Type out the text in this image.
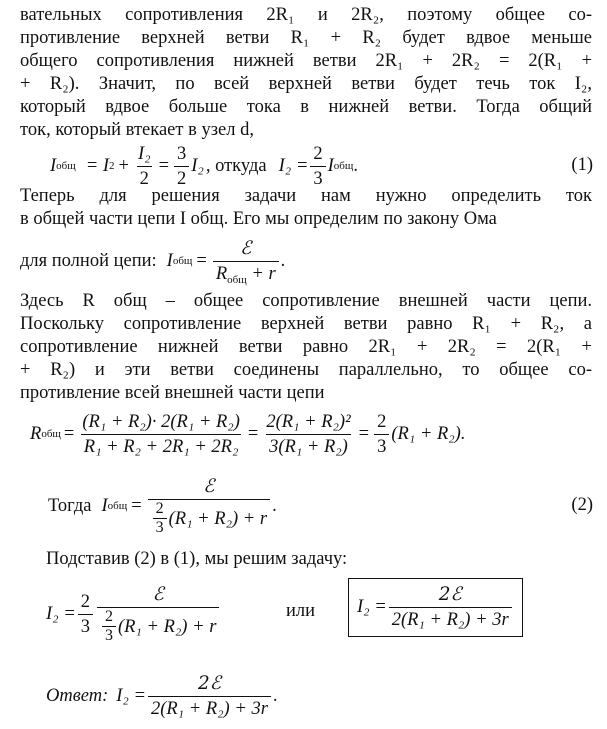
вательных сопротивления 2R₁ и 2R₂, поэтому общее со-
противление верхней ветви R₁ + R₂ будет вдвое меньше
общего сопротивления нижней ветви 2R₁ + 2R₂ = 2(R₁ +
+ R₂). Значит, по всей верхней ветви будет течь ток I₂,
который вдвое больше тока в нижней ветви. Тогда общий
ток, который втекает в узел d,
I общ = I $2 + \frac{\text{I₂}}{2} = \frac{3}{2} I_2$ , откуда $I_2 = \frac{2}{3}$ I общ .	(1)
Теперь для решения задачи нам нужно определить ток
в общей части цепи I общ. Его мы определим по закону Ома
для полной цепи: I общ = $\frac{\text{ℰ}}{R_{общ} + r}$ .
Здесь R общ – общее сопротивление внешней части цепи.
Поскольку сопротивление верхней ветви равно R₁ + R₂, а
сопротивление нижней ветви равно 2R₁ + 2R₂ = 2(R₁ +
+ R₂) и эти ветви соединены параллельно, то общее со-
противление всей внешней части цепи
R общ = $\frac{\text{(R₁ + R₂)· 2(R₁ + R₂)}}{\text{R₁ + R₂ + 2R₁ + 2R₂}} = \frac{\text{2(R₁ + R₂)²}}{\text{3(R₁ + R₂)}} = \frac{2}{3} (R_1 + R_2)$.
Тогда I общ = $\frac{\text{ℰ}}{\frac{2}{3} (R_1 + R_2) + r}$ .	(2)
Подставив (2) в (1), мы решим задачу:
$I_2 = \frac{2}{3} \frac{\text{ℰ}}{\frac{2}{3} (R_1 + R_2) + r}$	или $I_2 = \frac{\text{2ℰ}}{\text{2(R₁ + R₂) + 3r}}$
Ответ: $I_2 = \frac{\text{2ℰ}}{\text{2(R₁ + R₂) + 3r}}$ .
